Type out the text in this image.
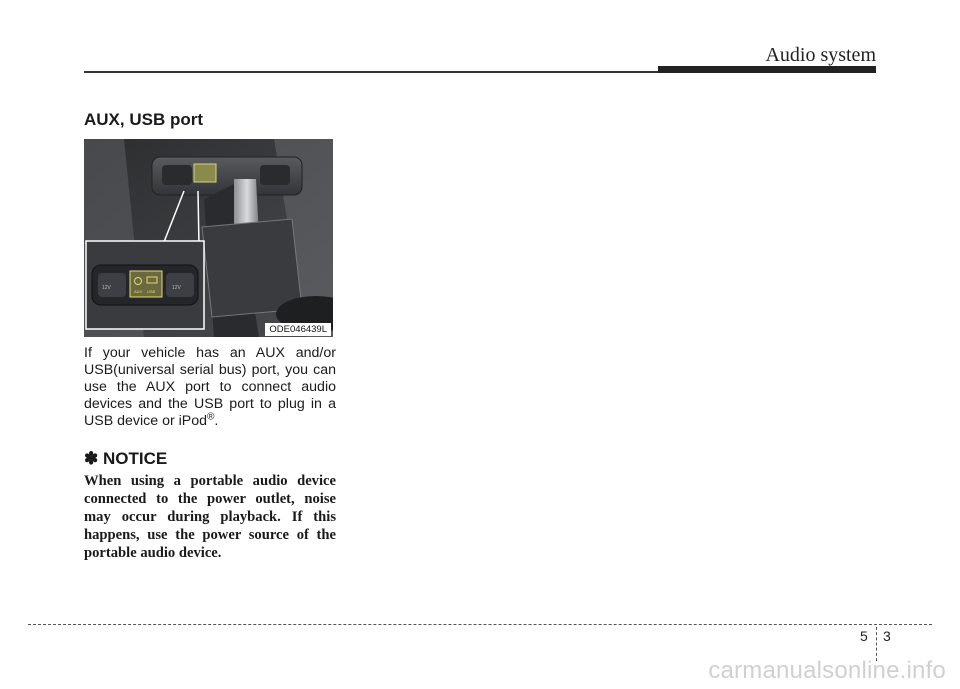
Audio system
AUX, USB port
12V
AUX USB
12V
ODE046439L
If your vehicle has an AUX and/or USB(universal serial bus) port, you can use the AUX port to connect audio devices and the USB port to plug in a USB device or iPod®.
✽ NOTICE
When using a portable audio device connected to the power outlet, noise may occur during playback. If this happens, use the power source of the portable audio device.
5 3
carmanualsonline.info
